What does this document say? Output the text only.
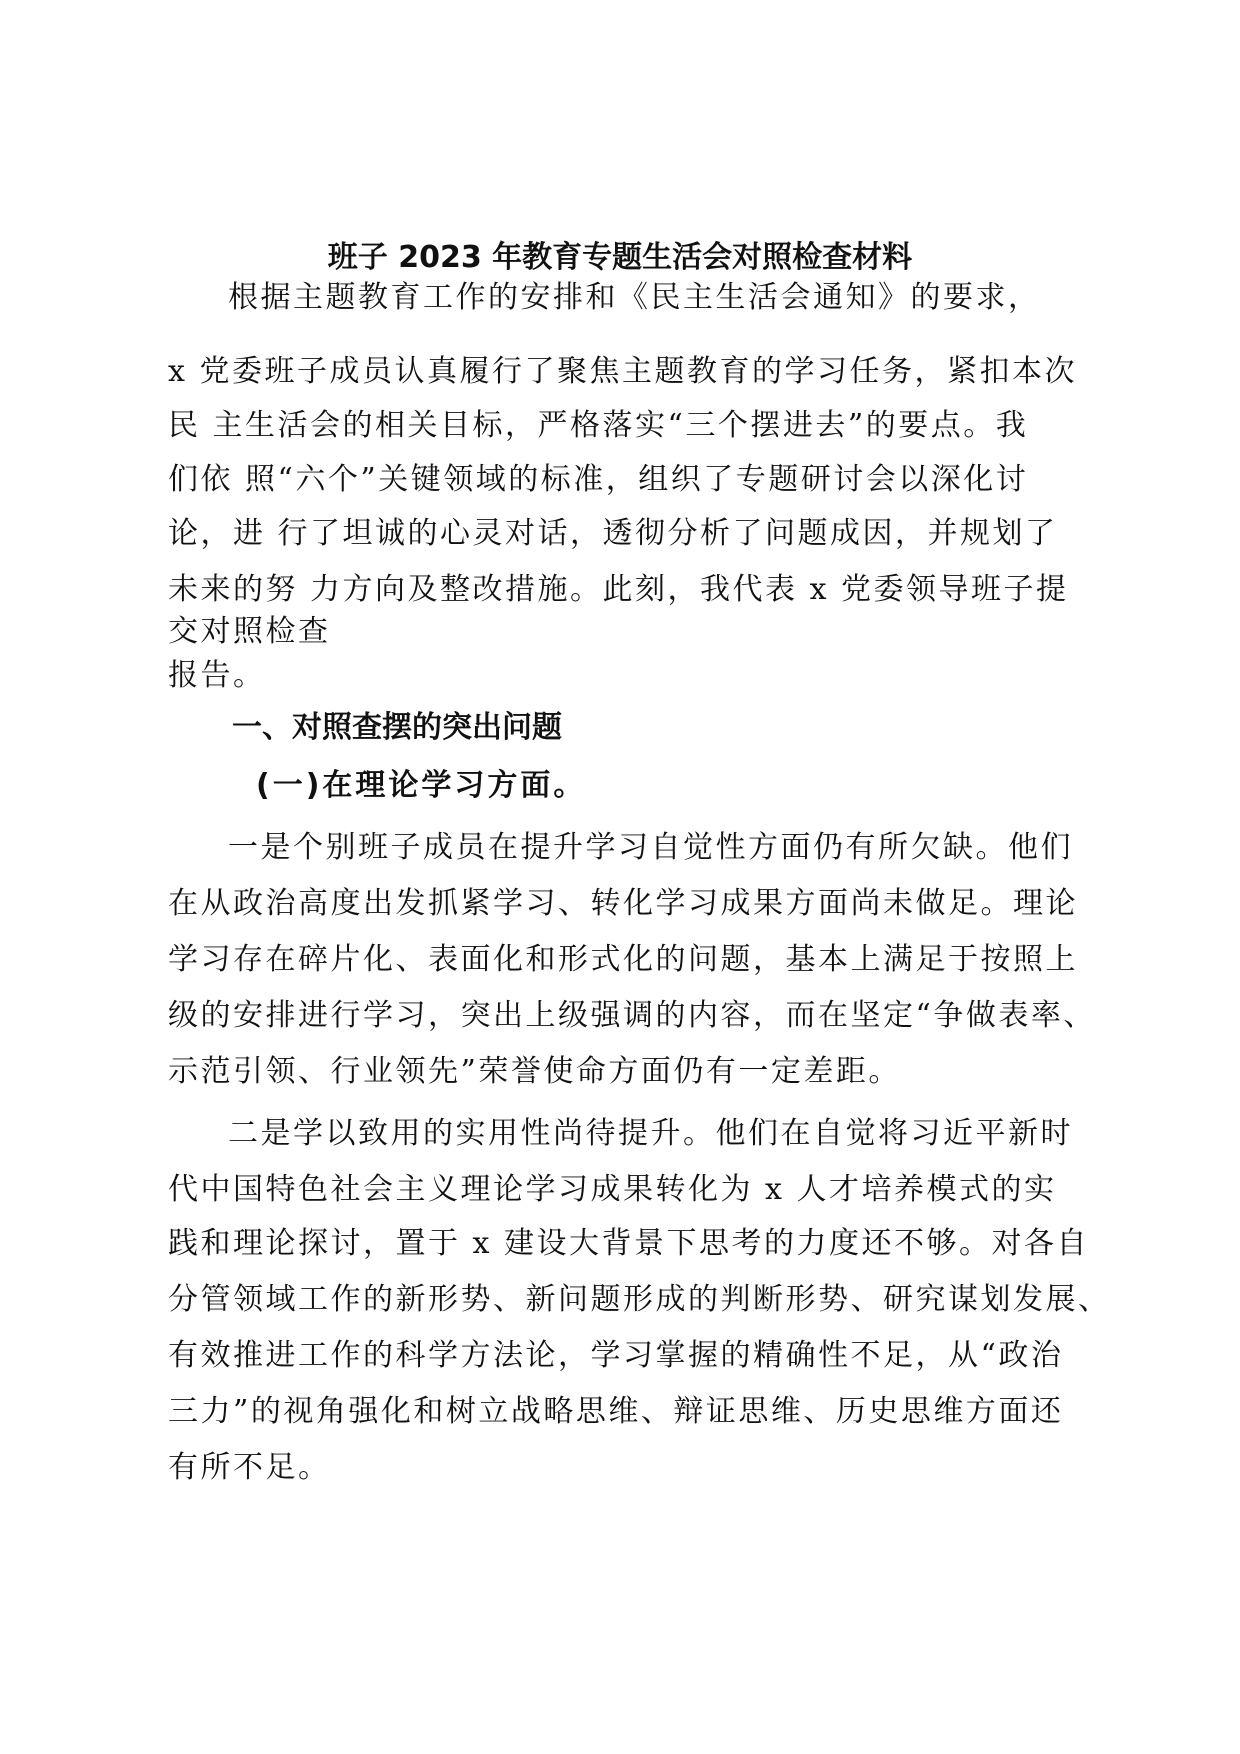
班子 2023 年教育专题生活会对照检查材料
根据主题教育工作的安排和《民主生活会通知》的要求，
x 党委班子成员认真履行了聚焦主题教育的学习任务，紧扣本次
民 主生活会的相关目标，严格落实“三个摆进去”的要点。我
们依 照“六个”关键领域的标准，组织了专题研讨会以深化讨
论，进 行了坦诚的心灵对话，透彻分析了问题成因，并规划了
未来的努 力方向及整改措施。此刻，我代表 x 党委领导班子提
交对照检查
报告。
一、对照查摆的突出问题
(一)在理论学习方面。
一是个别班子成员在提升学习自觉性方面仍有所欠缺。他们
在从政治高度出发抓紧学习、转化学习成果方面尚未做足。理论
学习存在碎片化、表面化和形式化的问题，基本上满足于按照上
级的安排进行学习，突出上级强调的内容，而在坚定“争做表率、
示范引领、行业领先”荣誉使命方面仍有一定差距。
二是学以致用的实用性尚待提升。他们在自觉将习近平新时
代中国特色社会主义理论学习成果转化为 x 人才培养模式的实
践和理论探讨，置于 x 建设大背景下思考的力度还不够。对各自
分管领域工作的新形势、新问题形成的判断形势、研究谋划发展、
有效推进工作的科学方法论，学习掌握的精确性不足，从“政治
三力”的视角强化和树立战略思维、辩证思维、历史思维方面还
有所不足。
